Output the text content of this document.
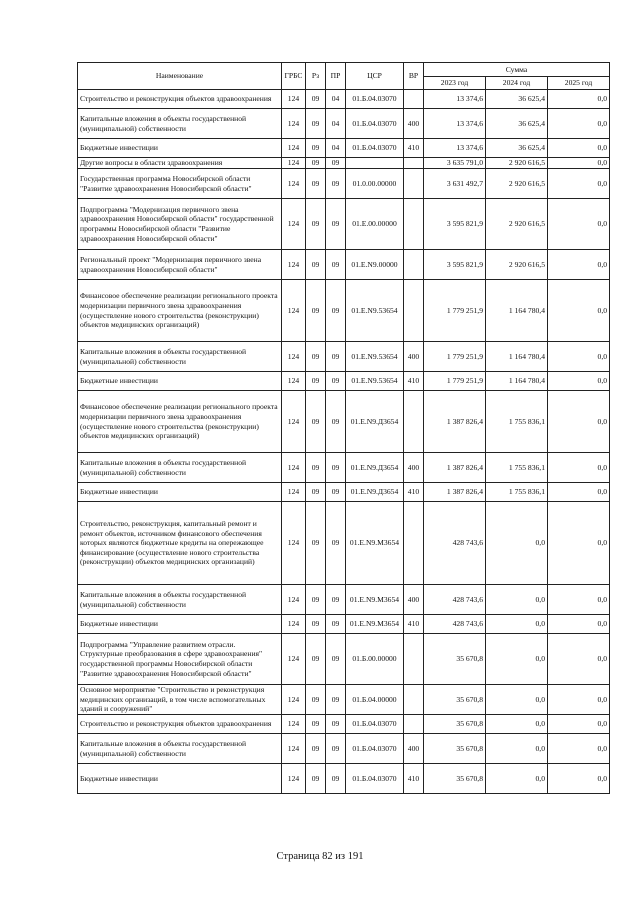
Наименование	ГРБС	Рз	ПР	ЦСР	ВР	Сумма		
						2023 год	2024 год	2025 год
Строительство и реконструкция объектов здравоохранения	124	09	04	01.Б.04.03070		13 374,6	36 625,4	0,0
Капитальные вложения в объекты государственной (муниципальной) собственности	124	09	04	01.Б.04.03070	400	13 374,6	36 625,4	0,0
Бюджетные инвестиции	124	09	04	01.Б.04.03070	410	13 374,6	36 625,4	0,0
Другие вопросы в области здравоохранения	124	09	09			3 635 791,0	2 920 616,5	0,0
Государственная программа Новосибирской области "Развитие здравоохранения Новосибирской области"	124	09	09	01.0.00.00000		3 631 492,7	2 920 616,5	0,0
Подпрограмма "Модернизация первичного звена здравоохранения Новосибирской области" государственной программы Новосибирской области "Развитие здравоохранения Новосибирской области"	124	09	09	01.Е.00.00000		3 595 821,9	2 920 616,5	0,0
Региональный проект "Модернизация первичного звена здравоохранения Новосибирской области"	124	09	09	01.Е.N9.00000		3 595 821,9	2 920 616,5	0,0
Финансовое обеспечение реализации регионального проекта модернизации первичного звена здравоохранения (осуществление нового строительства (реконструкции) объектов медицинских организаций)	124	09	09	01.Е.N9.53654		1 779 251,9	1 164 780,4	0,0
Капитальные вложения в объекты государственной (муниципальной) собственности	124	09	09	01.Е.N9.53654	400	1 779 251,9	1 164 780,4	0,0
Бюджетные инвестиции	124	09	09	01.Е.N9.53654	410	1 779 251,9	1 164 780,4	0,0
Финансовое обеспечение реализации регионального проекта модернизации первичного звена здравоохранения (осуществление нового строительства (реконструкции) объектов медицинских организаций)	124	09	09	01.Е.N9.Д3654		1 387 826,4	1 755 836,1	0,0
Капитальные вложения в объекты государственной (муниципальной) собственности	124	09	09	01.Е.N9.Д3654	400	1 387 826,4	1 755 836,1	0,0
Бюджетные инвестиции	124	09	09	01.Е.N9.Д3654	410	1 387 826,4	1 755 836,1	0,0
Строительство, реконструкция, капитальный ремонт и ремонт объектов, источником финансового обеспечения которых являются бюджетные кредиты на опережающее финансирование (осуществление нового строительства (реконструкции) объектов медицинских организаций)	124	09	09	01.Е.N9.М3654		428 743,6	0,0	0,0
Капитальные вложения в объекты государственной (муниципальной) собственности	124	09	09	01.Е.N9.М3654	400	428 743,6	0,0	0,0
Бюджетные инвестиции	124	09	09	01.Е.N9.М3654	410	428 743,6	0,0	0,0
Подпрограмма "Управление развитием отрасли. Структурные преобразования в сфере здравоохранения" государственной программы Новосибирской области "Развитие здравоохранения Новосибирской области"	124	09	09	01.Б.00.00000		35 670,8	0,0	0,0
Основное мероприятие "Строительство и реконструкция медицинских организаций, в том числе вспомогательных зданий и сооружений"	124	09	09	01.Б.04.00000		35 670,8	0,0	0,0
Строительство и реконструкция объектов здравоохранения	124	09	09	01.Б.04.03070		35 670,8	0,0	0,0
Капитальные вложения в объекты государственной (муниципальной) собственности	124	09	09	01.Б.04.03070	400	35 670,8	0,0	0,0
Бюджетные инвестиции	124	09	09	01.Б.04.03070	410	35 670,8	0,0	0,0
Страница 82 из 191
